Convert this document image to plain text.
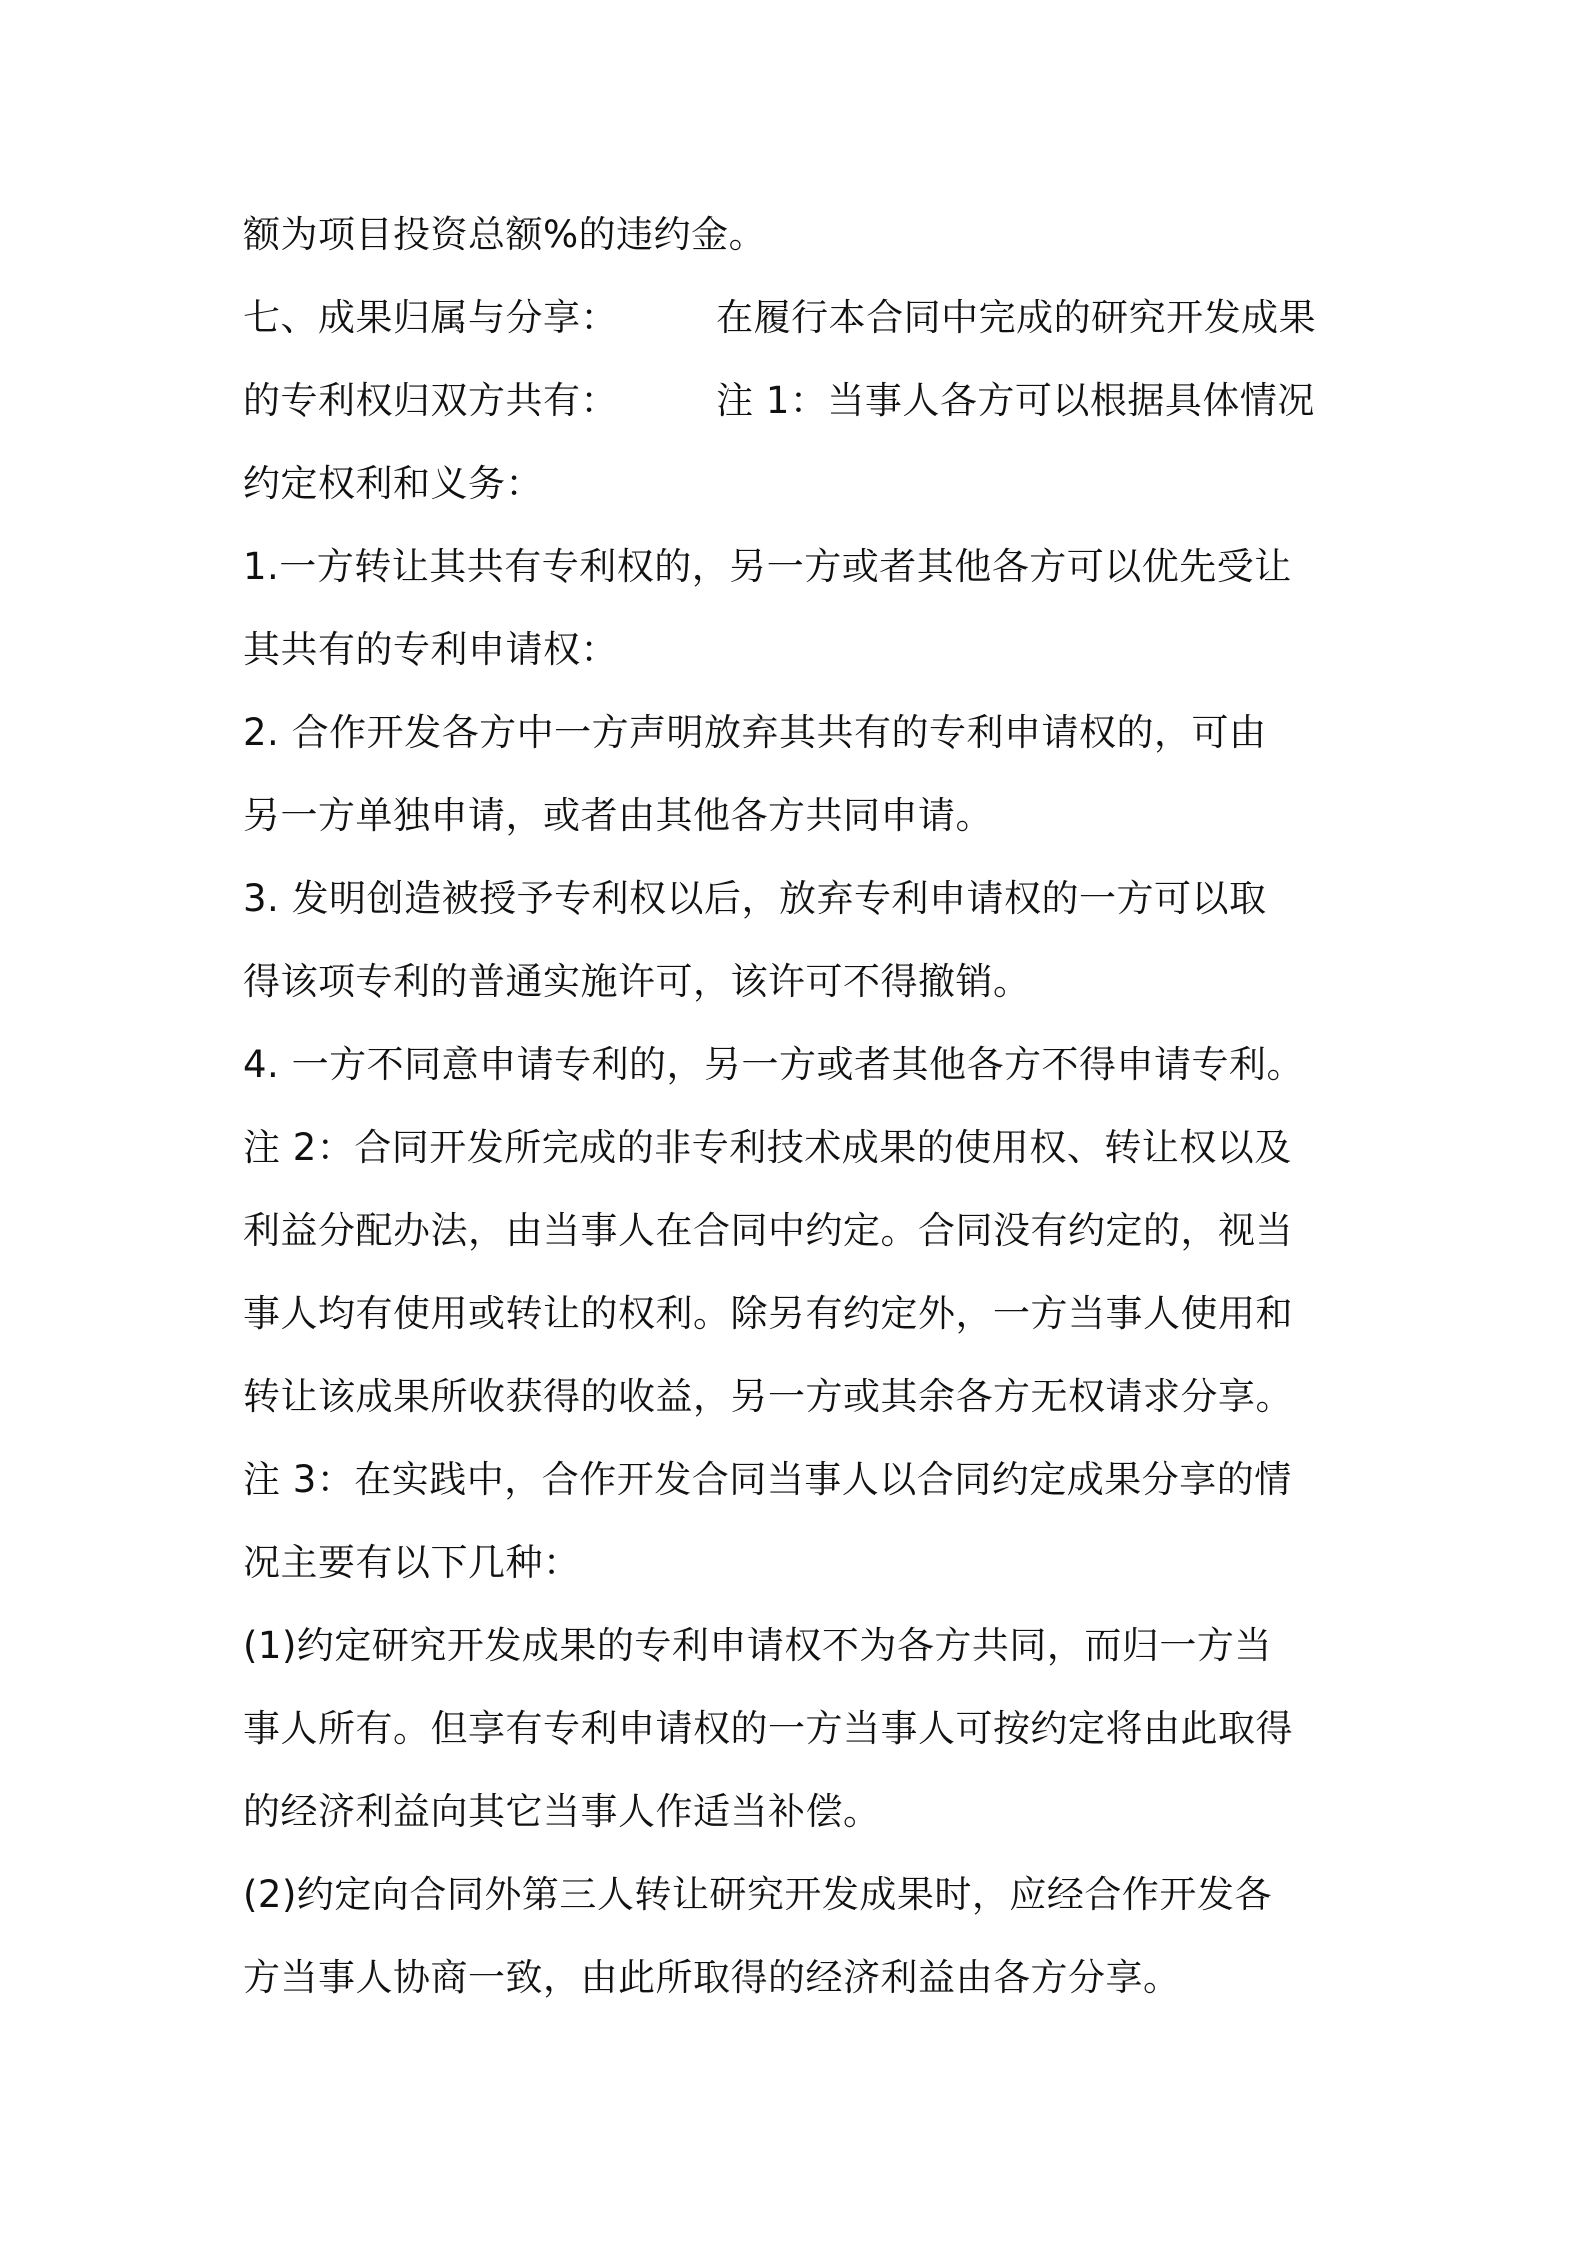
额为项目投资总额%的违约金。
七、成果归属与分享：        在履行本合同中完成的研究开发成果
的专利权归双方共有：        注 1：当事人各方可以根据具体情况
约定权利和义务：
1.一方转让其共有专利权的，另一方或者其他各方可以优先受让
其共有的专利申请权：
2. 合作开发各方中一方声明放弃其共有的专利申请权的，可由
另一方单独申请，或者由其他各方共同申请。
3. 发明创造被授予专利权以后，放弃专利申请权的一方可以取
得该项专利的普通实施许可，该许可不得撤销。
4. 一方不同意申请专利的，另一方或者其他各方不得申请专利。
注 2：合同开发所完成的非专利技术成果的使用权、转让权以及
利益分配办法，由当事人在合同中约定。合同没有约定的，视当
事人均有使用或转让的权利。除另有约定外，一方当事人使用和
转让该成果所收获得的收益，另一方或其余各方无权请求分享。
注 3：在实践中，合作开发合同当事人以合同约定成果分享的情
况主要有以下几种：
(1)约定研究开发成果的专利申请权不为各方共同，而归一方当
事人所有。但享有专利申请权的一方当事人可按约定将由此取得
的经济利益向其它当事人作适当补偿。
(2)约定向合同外第三人转让研究开发成果时，应经合作开发各
方当事人协商一致，由此所取得的经济利益由各方分享。
